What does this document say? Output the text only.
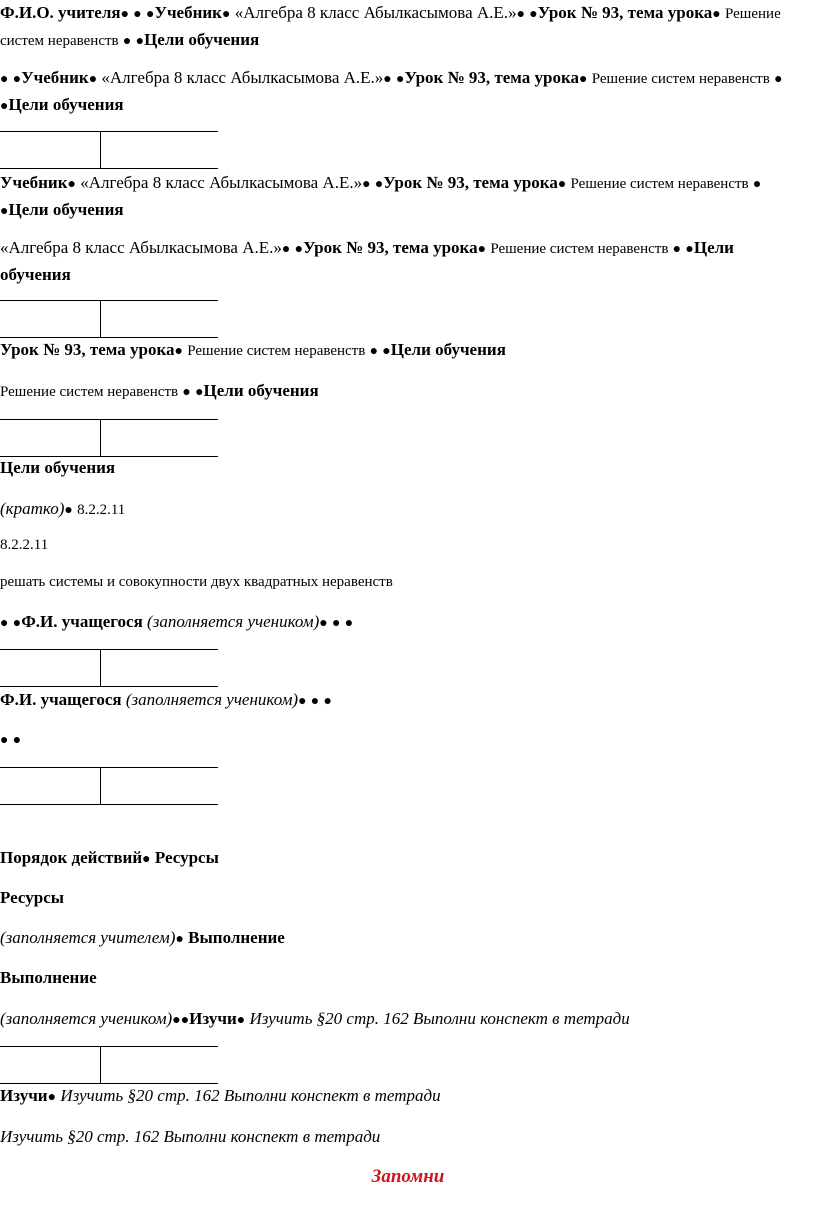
Ф.И.О. учителя● ● ●Учебник● «Алгебра 8 класс Абылкасымова А.Е.»● ●Урок № 93, тема урока● Решение систем неравенств ● ●Цели обучения
● ●Учебник● «Алгебра 8 класс Абылкасымова А.Е.»● ●Урок № 93, тема урока● Решение систем неравенств ● ●Цели обучения
Учебник● «Алгебра 8 класс Абылкасымова А.Е.»● ●Урок № 93, тема урока● Решение систем неравенств ● ●Цели обучения
«Алгебра 8 класс Абылкасымова А.Е.»● ●Урок № 93, тема урока● Решение систем неравенств ● ●Цели обучения
Урок № 93, тема урока● Решение систем неравенств ● ●Цели обучения
Решение систем неравенств ● ●Цели обучения
Цели обучения
(кратко)● 8.2.2.11
8.2.2.11
решать системы и совокупности двух квадратных неравенств
● ●Ф.И. учащегося (заполняется учеником)● ● ●
Ф.И. учащегося (заполняется учеником)● ● ●
● ●
Порядок действий● Ресурсы
Ресурсы
(заполняется учителем)● Выполнение
Выполнение
(заполняется учеником)●●Изучи● Изучить §20 стр. 162 Выполни конспект в тетради
Изучи● Изучить §20 стр. 162 Выполни конспект в тетради
Изучить §20 стр. 162 Выполни конспект в тетради
Запомни
